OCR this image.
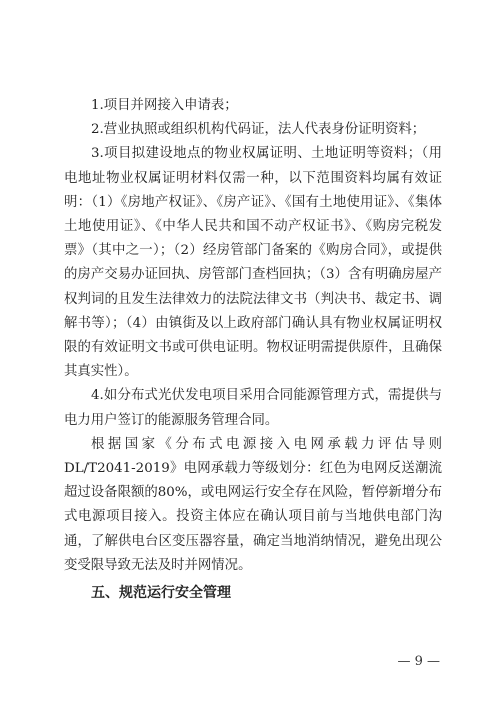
1.项目并网接入申请表；

2.营业执照或组织机构代码证，法人代表身份证明资料；

3.项目拟建设地点的物业权属证明、土地证明等资料；（用电地址物业权属证明材料仅需一种，以下范围资料均属有效证明：（1）《房地产权证》、《房产证》、《国有土地使用证》、《集体土地使用证》、《中华人民共和国不动产权证书》、《购房完税发票》（其中之一）；（2）经房管部门备案的《购房合同》，或提供的房产交易办证回执、房管部门查档回执；（3）含有明确房屋产权判词的且发生法律效力的法院法律文书（判决书、裁定书、调解书等）；（4）由镇街及以上政府部门确认具有物业权属证明权限的有效证明文书或可供电证明。物权证明需提供原件，且确保其真实性）。

4.如分布式光伏发电项目采用合同能源管理方式，需提供与电力用户签订的能源服务管理合同。

根据国家《分布式电源接入电网承载力评估导则DL/T2041-2019》电网承载力等级划分：红色为电网反送潮流超过设备限额的80%，或电网运行安全存在风险，暂停新增分布式电源项目接入。投资主体应在确认项目前与当地供电部门沟通，了解供电台区变压器容量，确定当地消纳情况，避免出现公变受限导致无法及时并网情况。

五、规范运行安全管理

— 9 —
